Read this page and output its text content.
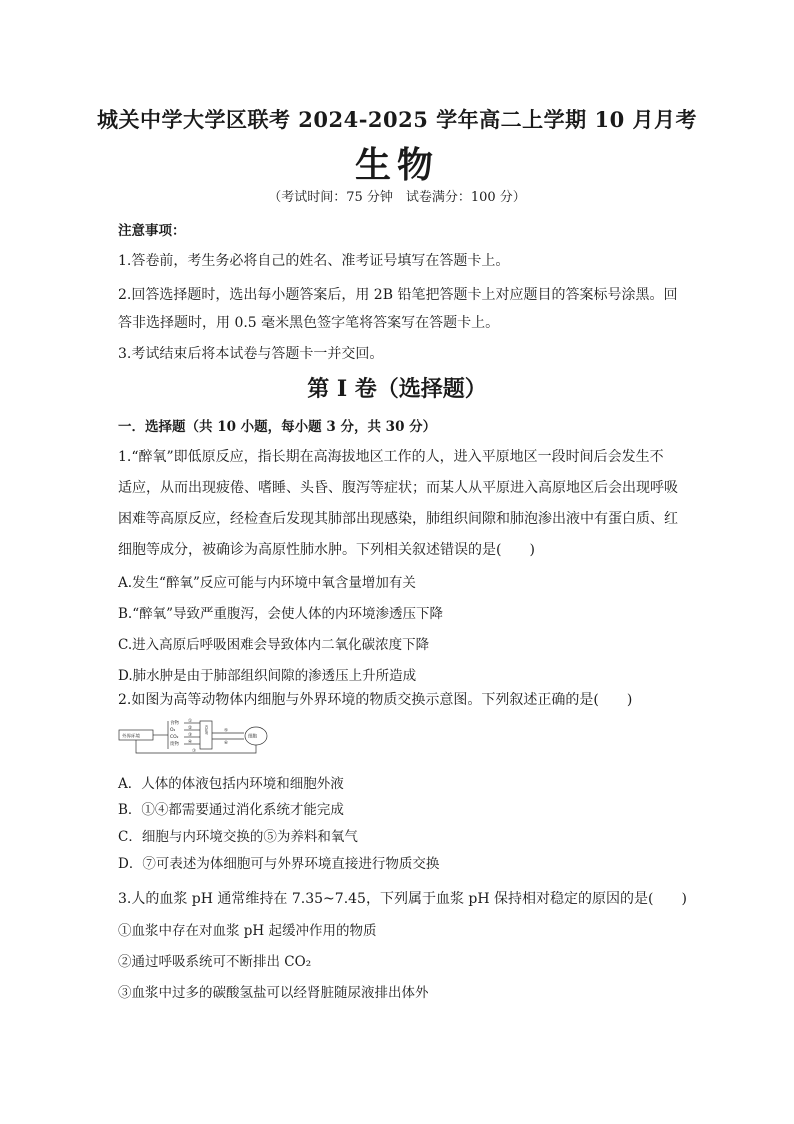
城关中学大学区联考 2024-2025 学年高二上学期 10 月月考
生物
（考试时间：75 分钟　试卷满分：100 分）
注意事项：
1.答卷前，考生务必将自己的姓名、准考证号填写在答题卡上。
2.回答选择题时，选出每小题答案后，用 2B 铅笔把答题卡上对应题目的答案标号涂黑。回
答非选择题时，用 0.5 毫米黑色签字笔将答案写在答题卡上。
3.考试结束后将本试卷与答题卡一并交回。
第 I 卷（选择题）
一．选择题（共 10 小题，每小题 3 分，共 30 分）
1.“醉氧”即低原反应，指长期在高海拔地区工作的人，进入平原地区一段时间后会发生不
适应，从而出现疲倦、嗜睡、头昏、腹泻等症状；而某人从平原进入高原地区后会出现呼吸
困难等高原反应，经检查后发现其肺部出现感染，肺组织间隙和肺泡渗出液中有蛋白质、红
细胞等成分，被确诊为高原性肺水肿。下列相关叙述错误的是(　　)
A.发生“醉氧”反应可能与内环境中氧含量增加有关
B.“醉氧”导致严重腹泻，会使人体的内环境渗透压下降
C.进入高原后呼吸困难会导致体内二氧化碳浓度下降
D.肺水肿是由于肺部组织间隙的渗透压上升所造成
2.如图为高等动物体内细胞与外界环境的物质交换示意图。下列叙述正确的是(　　)
外界环境
食物
O₂
CO₂
废物
①
②
③
④
⑤
⑥
⑦
细胞
内环境
A．人体的体液包括内环境和细胞外液
B．①④都需要通过消化系统才能完成
C．细胞与内环境交换的⑤为养料和氧气
D．⑦可表述为体细胞可与外界环境直接进行物质交换
3.人的血浆 pH 通常维持在 7.35~7.45，下列属于血浆 pH 保持相对稳定的原因的是(　　)
①血浆中存在对血浆 pH 起缓冲作用的物质
②通过呼吸系统可不断排出 CO₂
③血浆中过多的碳酸氢盐可以经肾脏随尿液排出体外
